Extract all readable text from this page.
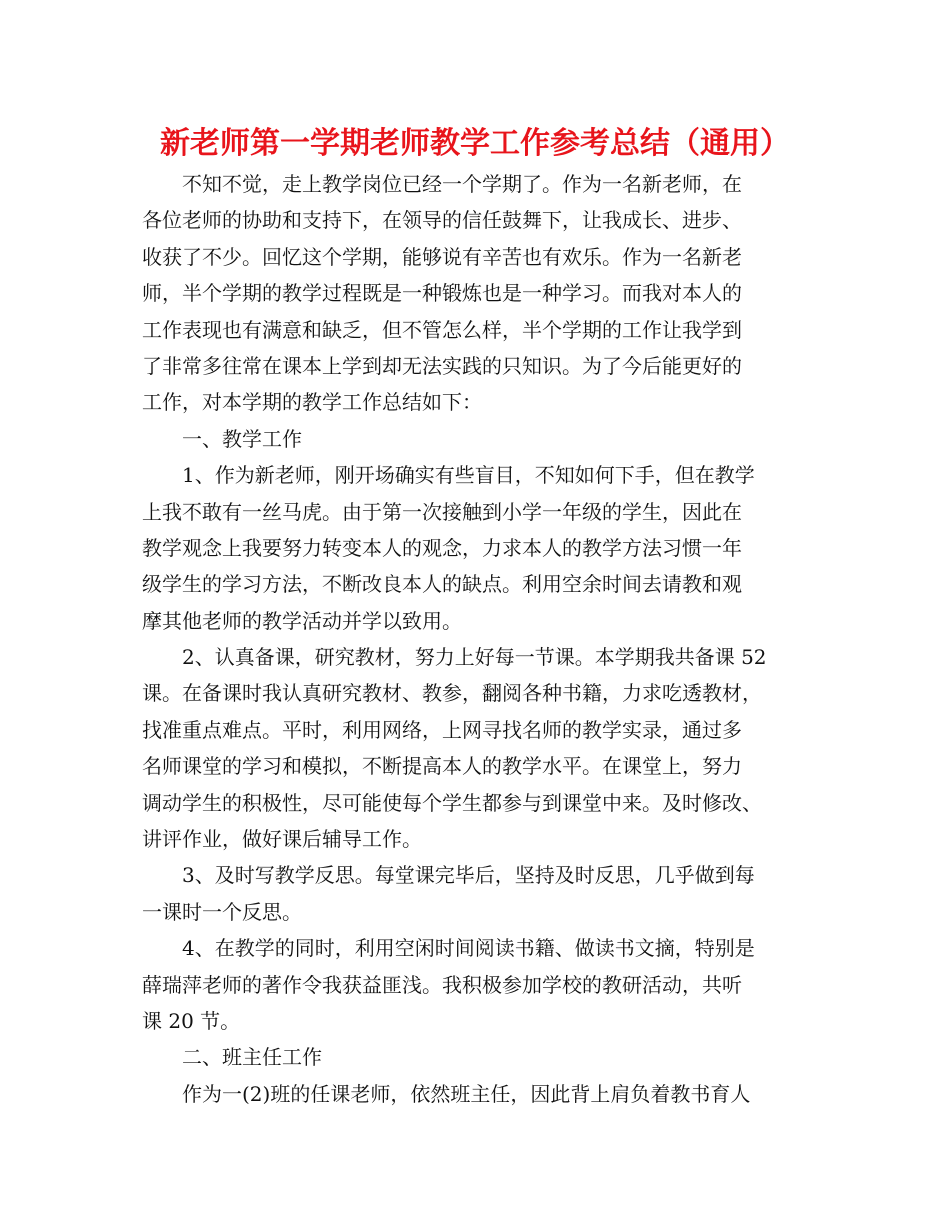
新老师第一学期老师教学工作参考总结（通用）

不知不觉，走上教学岗位已经一个学期了。作为一名新老师，在

各位老师的协助和支持下，在领导的信任鼓舞下，让我成长、进步、

收获了不少。回忆这个学期，能够说有辛苦也有欢乐。作为一名新老

师，半个学期的教学过程既是一种锻炼也是一种学习。而我对本人的

工作表现也有满意和缺乏，但不管怎么样，半个学期的工作让我学到

了非常多往常在课本上学到却无法实践的只知识。为了今后能更好的

工作，对本学期的教学工作总结如下：

一、教学工作

1、作为新老师，刚开场确实有些盲目，不知如何下手，但在教学

上我不敢有一丝马虎。由于第一次接触到小学一年级的学生，因此在

教学观念上我要努力转变本人的观念，力求本人的教学方法习惯一年

级学生的学习方法，不断改良本人的缺点。利用空余时间去请教和观

摩其他老师的教学活动并学以致用。

2、认真备课，研究教材，努力上好每一节课。本学期我共备课 52

课。在备课时我认真研究教材、教参，翻阅各种书籍，力求吃透教材，

找准重点难点。平时，利用网络，上网寻找名师的教学实录，通过多

名师课堂的学习和模拟，不断提高本人的教学水平。在课堂上，努力

调动学生的积极性，尽可能使每个学生都参与到课堂中来。及时修改、

讲评作业，做好课后辅导工作。

3、及时写教学反思。每堂课完毕后，坚持及时反思，几乎做到每

一课时一个反思。

4、在教学的同时，利用空闲时间阅读书籍、做读书文摘，特别是

薛瑞萍老师的著作令我获益匪浅。我积极参加学校的教研活动，共听

课 20 节。

二、班主任工作

作为一(2)班的任课老师，依然班主任，因此背上肩负着教书育人
